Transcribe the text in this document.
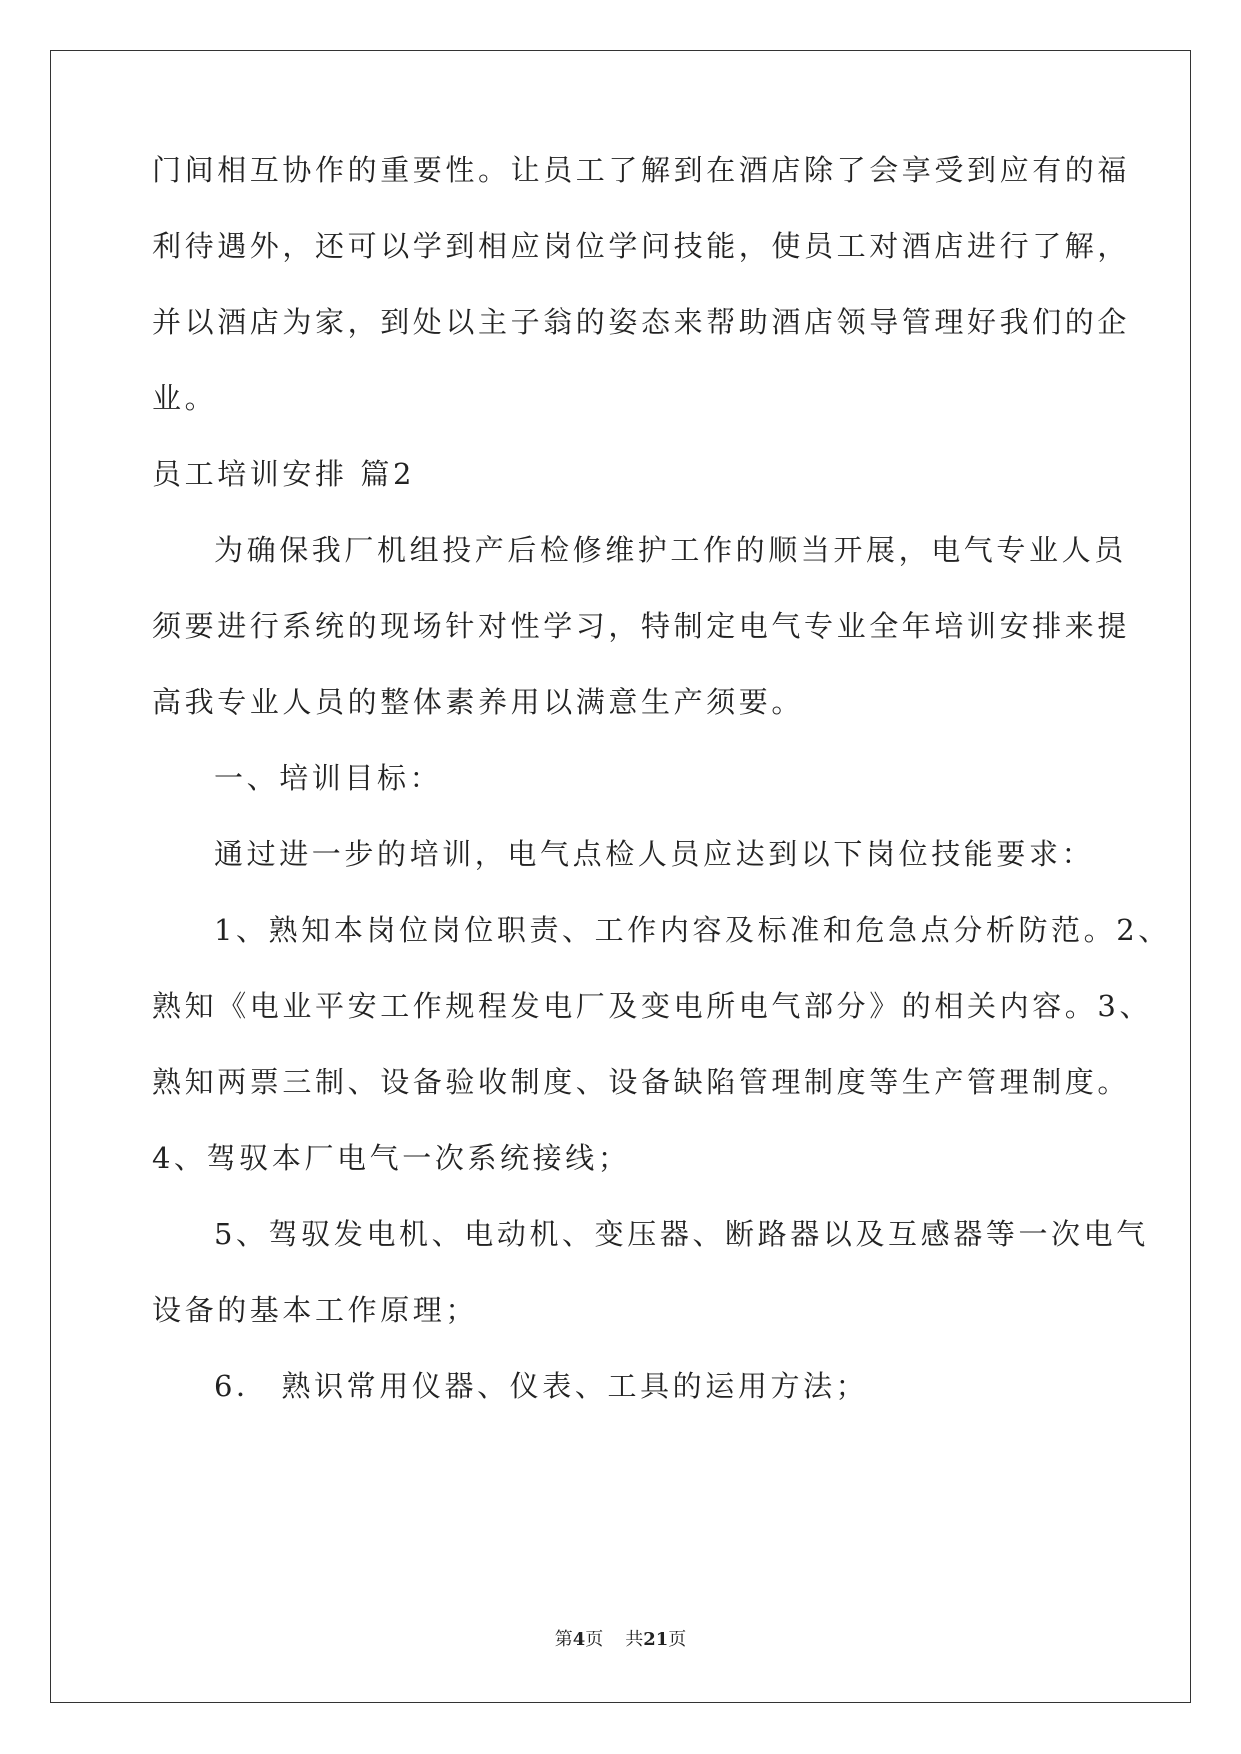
门间相互协作的重要性。让员工了解到在酒店除了会享受到应有的福
利待遇外，还可以学到相应岗位学问技能，使员工对酒店进行了解，
并以酒店为家，到处以主子翁的姿态来帮助酒店领导管理好我们的企
业。
员工培训安排 篇2
为确保我厂机组投产后检修维护工作的顺当开展，电气专业人员
须要进行系统的现场针对性学习，特制定电气专业全年培训安排来提
高我专业人员的整体素养用以满意生产须要。
一、培训目标：
通过进一步的培训，电气点检人员应达到以下岗位技能要求：
1、熟知本岗位岗位职责、工作内容及标准和危急点分析防范。2、
熟知《电业平安工作规程发电厂及变电所电气部分》的相关内容。3、
熟知两票三制、设备验收制度、设备缺陷管理制度等生产管理制度。
4、驾驭本厂电气一次系统接线；
5、驾驭发电机、电动机、变压器、断路器以及互感器等一次电气
设备的基本工作原理；
6． 熟识常用仪器、仪表、工具的运用方法；
第4页 共21页
